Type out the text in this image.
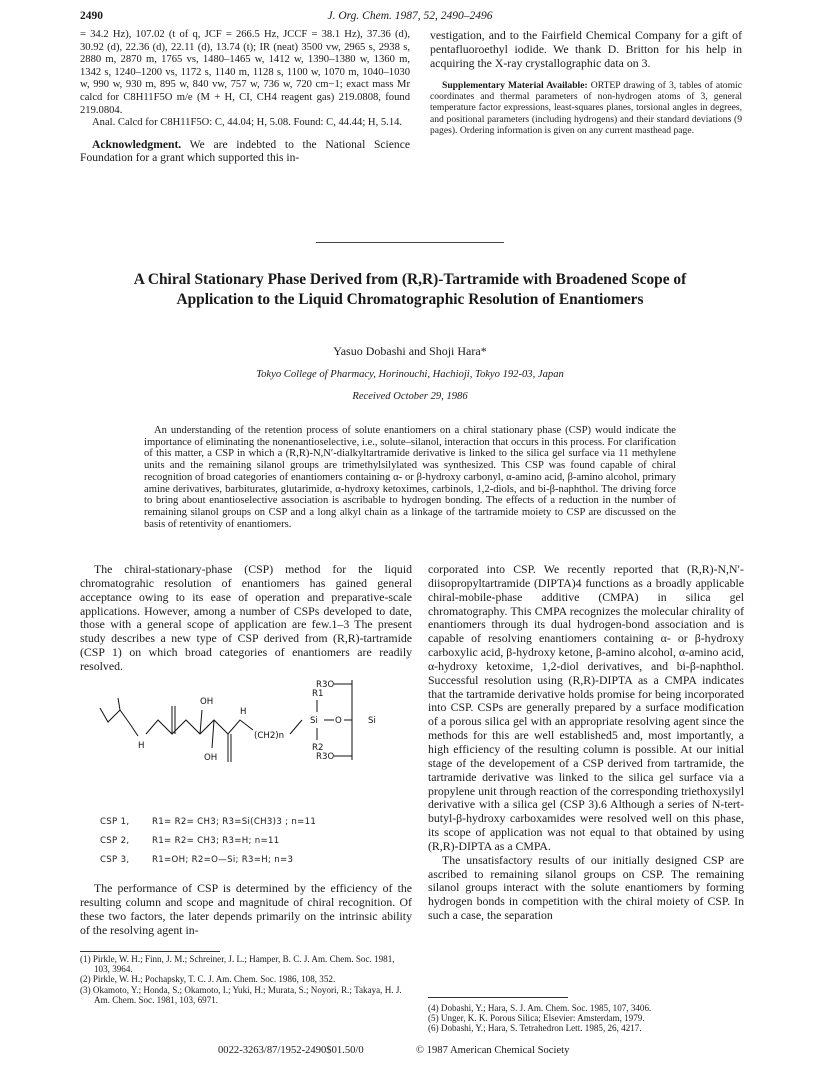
2490	J. Org. Chem. 1987, 52, 2490–2496

= 34.2 Hz), 107.02 (t of q, JCF = 266.5 Hz, JCCF = 38.1 Hz), 37.36 (d), 30.92 (d), 22.36 (d), 22.11 (d), 13.74 (t); IR (neat) 3500 vw, 2965 s, 2938 s, 2880 m, 2870 m, 1765 vs, 1480–1465 w, 1412 w, 1390–1380 w, 1360 m, 1342 s, 1240–1200 vs, 1172 s, 1140 m, 1128 s, 1100 w, 1070 m, 1040–1030 w, 990 w, 930 m, 895 w, 840 vw, 757 w, 736 w, 720 cm−1; exact mass Mr calcd for C8H11F5O m/e (M + H, CI, CH4 reagent gas) 219.0808, found 219.0804.

Anal. Calcd for C8H11F5O: C, 44.04; H, 5.08. Found: C, 44.44; H, 5.14.

Acknowledgment. We are indebted to the National Science Foundation for a grant which supported this in-

vestigation, and to the Fairfield Chemical Company for a gift of pentafluoroethyl iodide. We thank D. Britton for his help in acquiring the X-ray crystallographic data on 3.

Supplementary Material Available: ORTEP drawing of 3, tables of atomic coordinates and thermal parameters of non-hydrogen atoms of 3, general temperature factor expressions, least-squares planes, torsional angles in degrees, and positional parameters (including hydrogens) and their standard deviations (9 pages). Ordering information is given on any current masthead page.

A Chiral Stationary Phase Derived from (R,R)-Tartramide with Broadened Scope of Application to the Liquid Chromatographic Resolution of Enantiomers
Yasuo Dobashi and Shoji Hara*
Tokyo College of Pharmacy, Horinouchi, Hachioji, Tokyo 192-03, Japan
Received October 29, 1986
An understanding of the retention process of solute enantiomers on a chiral stationary phase (CSP) would indicate the importance of eliminating the nonenantioselective, i.e., solute–silanol, interaction that occurs in this process. For clarification of this matter, a CSP in which a (R,R)-N,N′-dialkyltartramide derivative is linked to the silica gel surface via 11 methylene units and the remaining silanol groups are trimethylsilylated was synthesized. This CSP was found capable of chiral recognition of broad categories of enantiomers containing α- or β-hydroxy carbonyl, α-amino acid, β-amino alcohol, primary amine derivatives, barbiturates, glutarimide, α-hydroxy ketoximes, carbinols, 1,2-diols, and bi-β-naphthol. The driving force to bring about enantioselective association is ascribable to hydrogen bonding. The effects of a reduction in the number of remaining silanol groups on CSP and a long alkyl chain as a linkage of the tartramide moiety to CSP are discussed on the basis of retentivity of enantiomers.

The chiral-stationary-phase (CSP) method for the liquid chromatograhic resolution of enantiomers has gained general acceptance owing to its ease of operation and preparative-scale applications. However, among a number of CSPs developed to date, those with a general scope of application are few.1–3 The present study describes a new type of CSP derived from (R,R)-tartramide (CSP 1) on which broad categories of enantiomers are readily resolved.

OH
OH
H
H
(CH2)n
R1
R2
Si O	Si
R3O
R3O
CSP 1,	R1= R2= CH3; R3=Si(CH3)3 ; n=11
CSP 2,	R1= R2= CH3; R3=H; n=11
CSP 3,	R1=OH; R2=O—Si; R3=H; n=3

The performance of CSP is determined by the efficiency of the resulting column and scope and magnitude of chiral recognition. Of these two factors, the later depends primarily on the intrinsic ability of the resolving agent in-

corporated into CSP. We recently reported that (R,R)-N,N′-diisopropyltartramide (DIPTA)4 functions as a broadly applicable chiral-mobile-phase additive (CMPA) in silica gel chromatography. This CMPA recognizes the molecular chirality of enantiomers through its dual hydrogen-bond association and is capable of resolving enantiomers containing α- or β-hydroxy carboxylic acid, β-hydroxy ketone, β-amino alcohol, α-amino acid, α-hydroxy ketoxime, 1,2-diol derivatives, and bi-β-naphthol. Successful resolution using (R,R)-DIPTA as a CMPA indicates that the tartramide derivative holds promise for being incorporated into CSP. CSPs are generally prepared by a surface modification of a porous silica gel with an appropriate resolving agent since the methods for this are well established5 and, most importantly, a high efficiency of the resulting column is possible. At our initial stage of the developement of a CSP derived from tartramide, the tartramide derivative was linked to the silica gel surface via a propylene unit through reaction of the corresponding triethoxysilyl derivative with a silica gel (CSP 3).6 Although a series of N-tert-butyl-β-hydroxy carboxamides were resolved well on this phase, its scope of application was not equal to that obtained by using (R,R)-DIPTA as a CMPA.

The unsatisfactory results of our initially designed CSP are ascribed to remaining silanol groups on CSP. The remaining silanol groups interact with the solute enantiomers by forming hydrogen bonds in competition with the chiral moiety of CSP. In such a case, the separation

(1) Pirkle, W. H.; Finn, J. M.; Schreiner, J. L.; Hamper, B. C. J. Am. Chem. Soc. 1981, 103, 3964.

(2) Pirkle, W. H.; Pochapsky, T. C. J. Am. Chem. Soc. 1986, 108, 352.

(3) Okamoto, Y.; Honda, S.; Okamoto, I.; Yuki, H.; Murata, S.; Noyori, R.; Takaya, H. J. Am. Chem. Soc. 1981, 103, 6971.

(4) Dobashi, Y.; Hara, S. J. Am. Chem. Soc. 1985, 107, 3406.

(5) Unger, K. K. Porous Silica; Elsevier: Amsterdam, 1979.

(6) Dobashi, Y.; Hara, S. Tetrahedron Lett. 1985, 26, 4217.

0022-3263/87/1952-2490$01.50/0	© 1987 American Chemical Society
